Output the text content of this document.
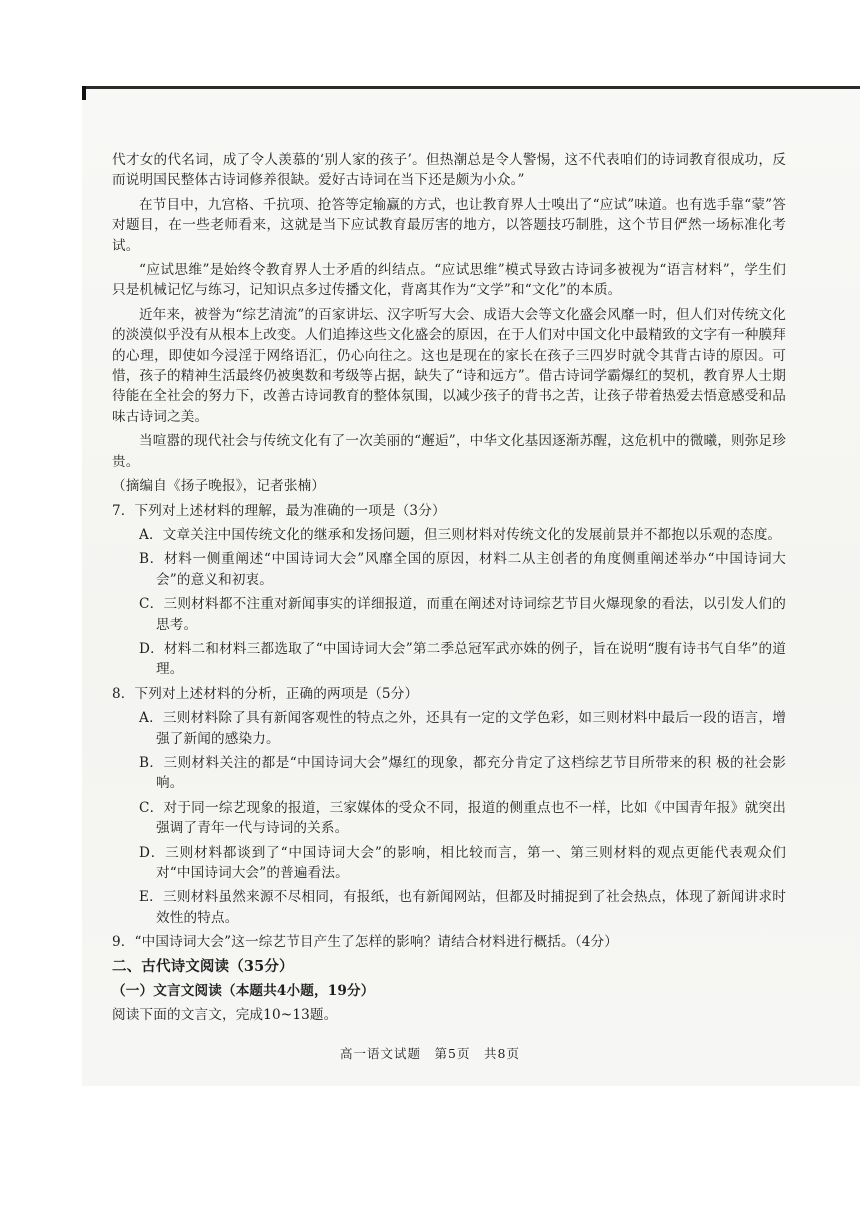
代才女的代名词，成了令人羡慕的‘别人家的孩子’。但热潮总是令人警惕，这不代表咱们的诗词教育很成功，反而说明国民整体古诗词修养很缺。爱好古诗词在当下还是颇为小众。”

在节目中，九宫格、千抗项、抢答等定输赢的方式，也让教育界人士嗅出了“应试”味道。也有选手靠“蒙”答对题目，在一些老师看来，这就是当下应试教育最厉害的地方，以答题技巧制胜，这个节目俨然一场标准化考试。

“应试思维”是始终令教育界人士矛盾的纠结点。“应试思维”模式导致古诗词多被视为“语言材料”，学生们只是机械记忆与练习，记知识点多过传播文化，背离其作为“文学”和“文化”的本质。

近年来，被誉为“综艺清流”的百家讲坛、汉字听写大会、成语大会等文化盛会风靡一时，但人们对传统文化的淡漠似乎没有从根本上改变。人们追捧这些文化盛会的原因，在于人们对中国文化中最精致的文字有一种膜拜的心理，即使如今浸淫于网络语汇，仍心向往之。这也是现在的家长在孩子三四岁时就令其背古诗的原因。可惜，孩子的精神生活最终仍被奥数和考级等占据，缺失了“诗和远方”。借古诗词学霸爆红的契机，教育界人士期待能在全社会的努力下，改善古诗词教育的整体氛围，以减少孩子的背书之苦，让孩子带着热爱去悟意感受和品味古诗词之美。

当喧嚣的现代社会与传统文化有了一次美丽的“邂逅”，中华文化基因逐渐苏醒，这危机中的微曦，则弥足珍贵。

（摘编自《扬子晚报》，记者张楠）

7．下列对上述材料的理解，最为准确的一项是（3分）

A．文章关注中国传统文化的继承和发扬问题，但三则材料对传统文化的发展前景并不都抱以乐观的态度。

B．材料一侧重阐述“中国诗词大会”风靡全国的原因，材料二从主创者的角度侧重阐述举办“中国诗词大会”的意义和初衷。

C．三则材料都不注重对新闻事实的详细报道，而重在阐述对诗词综艺节目火爆现象的看法，以引发人们的思考。

D．材料二和材料三都选取了“中国诗词大会”第二季总冠军武亦姝的例子，旨在说明“腹有诗书气自华”的道理。

8．下列对上述材料的分析，正确的两项是（5分）

A．三则材料除了具有新闻客观性的特点之外，还具有一定的文学色彩，如三则材料中最后一段的语言，增强了新闻的感染力。

B．三则材料关注的都是“中国诗词大会”爆红的现象，都充分肯定了这档综艺节目所带来的积 极的社会影响。

C．对于同一综艺现象的报道，三家媒体的受众不同，报道的侧重点也不一样，比如《中国青年报》就突出强调了青年一代与诗词的关系。

D．三则材料都谈到了“中国诗词大会”的影响，相比较而言，第一、第三则材料的观点更能代表观众们对“中国诗词大会”的普遍看法。

E．三则材料虽然来源不尽相同，有报纸，也有新闻网站，但都及时捕捉到了社会热点，体现了新闻讲求时效性的特点。

9．“中国诗词大会”这一综艺节目产生了怎样的影响？请结合材料进行概括。（4分）

二、古代诗文阅读（35分）

（一）文言文阅读（本题共4小题，19分）

阅读下面的文言文，完成10~13题。

高一语文试题　第5页　共8页
